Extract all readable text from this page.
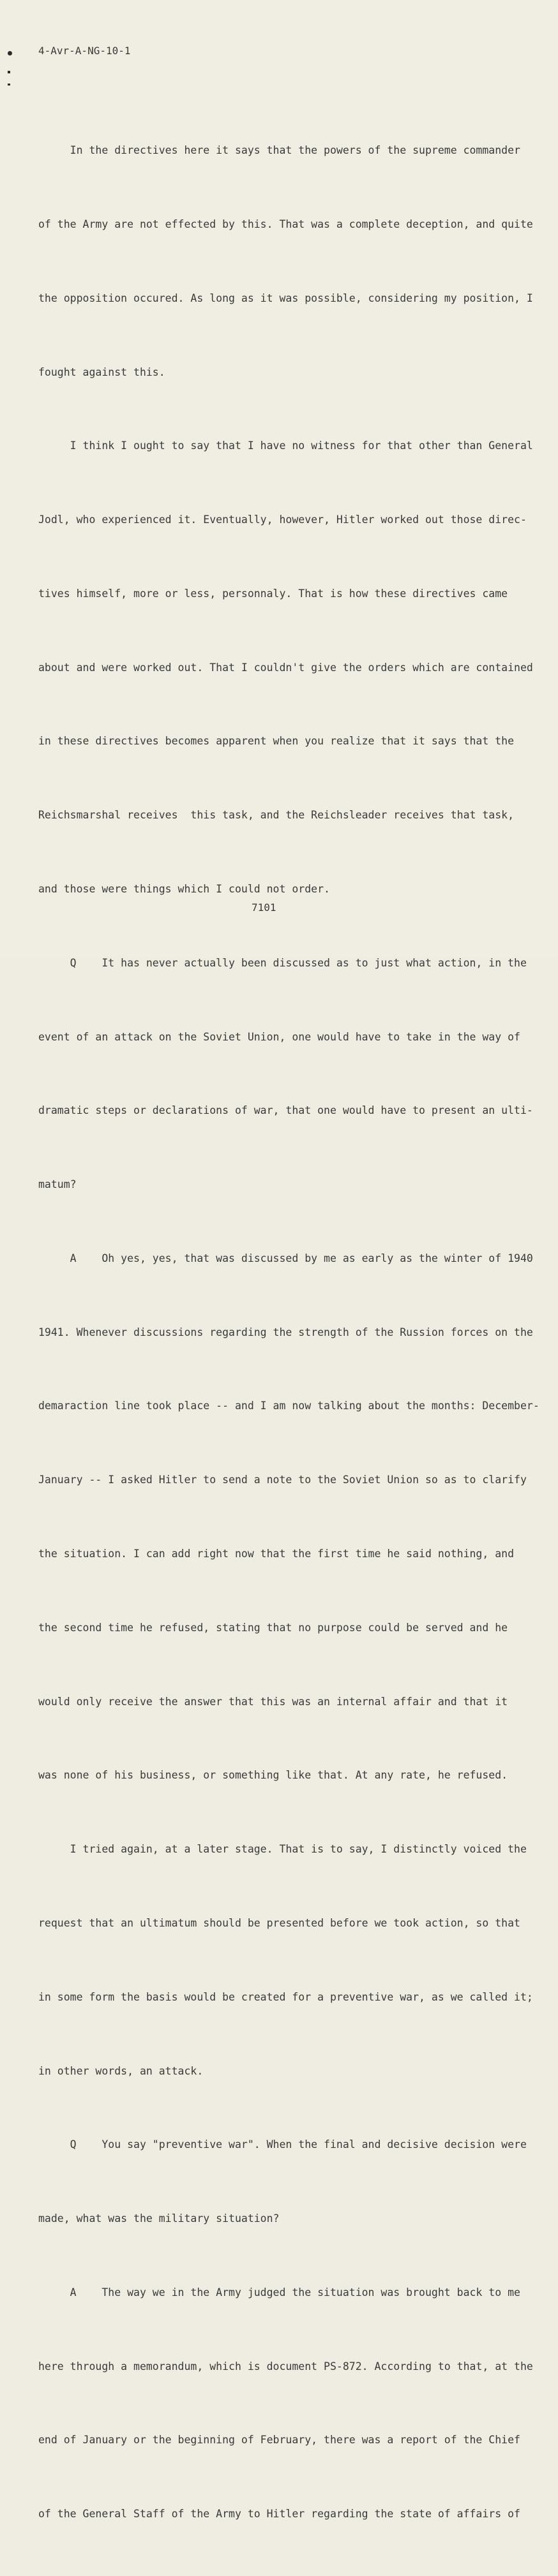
4-Avr-A-NG-10-1

In the directives here it says that the powers of the supreme commander

of the Army are not effected by this. That was a complete deception, and quite

the opposition occured. As long as it was possible, considering my position, I

fought against this.

I think I ought to say that I have no witness for that other than General

Jodl, who experienced it. Eventually, however, Hitler worked out those direc-

tives himself, more or less, personnaly. That is how these directives came

about and were worked out. That I couldn't give the orders which are contained

in these directives becomes apparent when you realize that it says that the

Reichsmarshal receives  this task, and the Reichsleader receives that task,

and those were things which I could not order.

Q    It has never actually been discussed as to just what action, in the

event of an attack on the Soviet Union, one would have to take in the way of

dramatic steps or declarations of war, that one would have to present an ulti-

matum?

A    Oh yes, yes, that was discussed by me as early as the winter of 1940

1941. Whenever discussions regarding the strength of the Russion forces on the

demaraction line took place -- and I am now talking about the months: December-

January -- I asked Hitler to send a note to the Soviet Union so as to clarify

the situation. I can add right now that the first time he said nothing, and

the second time he refused, stating that no purpose could be served and he

would only receive the answer that this was an internal affair and that it

was none of his business, or something like that. At any rate, he refused.

I tried again, at a later stage. That is to say, I distinctly voiced the

request that an ultimatum should be presented before we took action, so that

in some form the basis would be created for a preventive war, as we called it;

in other words, an attack.

Q    You say "preventive war". When the final and decisive decision were

made, what was the military situation?

A    The way we in the Army judged the situation was brought back to me

here through a memorandum, which is document PS-872. According to that, at the

end of January or the beginning of February, there was a report of the Chief

of the General Staff of the Army to Hitler regarding the state of affairs of

7101
